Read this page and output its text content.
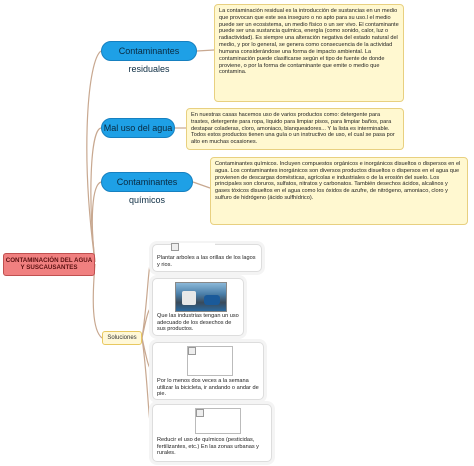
CONTAMINACIÓN DEL AGUA Y SUSCAUSANTES
Contaminantes residuales
Mal uso del agua
Contaminantes químicos
La contaminación residual es la introducción de sustancias en un medio que provocan que este sea inseguro o no apto para su uso.l el medio puede ser un ecosistema, un medio físico o un ser vivo. El contaminante puede ser una sustancia química, energía (como sonido, calor, luz o radiactividad). Es siempre una alteración negativa del estado natural del medio, y por lo general, se genera como consecuencia de la actividad humana considerándose una forma de impacto ambiental. La contaminación puede clasificarse según el tipo de fuente de donde proviene, o por la forma de contaminante que emite o medio que contamina.
En nuestras casas hacemos uso de varios productos como: detergente para trastes, detergente para ropa, liquido para limpiar pisos, para limpiar baños, para destapar coladeras, cloro, amoniaco, blanqueadores... Y la lista es interminable. Todos estos productos tienen una guía o un instructivo de uso, el cual se pasa por alto en muchas ocasiones.
Contaminantes químicos. Incluyen compuestos orgánicos e inorgánicos disueltos o dispersos en el agua. Los contaminantes inorgánicos son diversos productos disueltos o dispersos en el agua que provienen de descargas domésticas, agrícolas e industriales o de la erosión del suelo. Los principales son cloruros, sulfatos, nitratos y carbonatos. También desechos ácidos, alcalinos y gases tóxicos disueltos en el agua como los óxidos de azufre, de nitrógeno, amoniaco, cloro y sulfuro de hidrógeno (ácido sulfhídrico).
Soluciones
Plantar arboles a las orillas de los lagos y rios.
Que las industrias tengan un uso adecuado de los desechos de sus productos.
Por lo menos dos veces a la semana utilizar la bicicleta, ir andando o andar de pie.
Reducir el uso de químicos (pesticidas, fertilizantes, etc.) En las zonas urbanas y rurales.
